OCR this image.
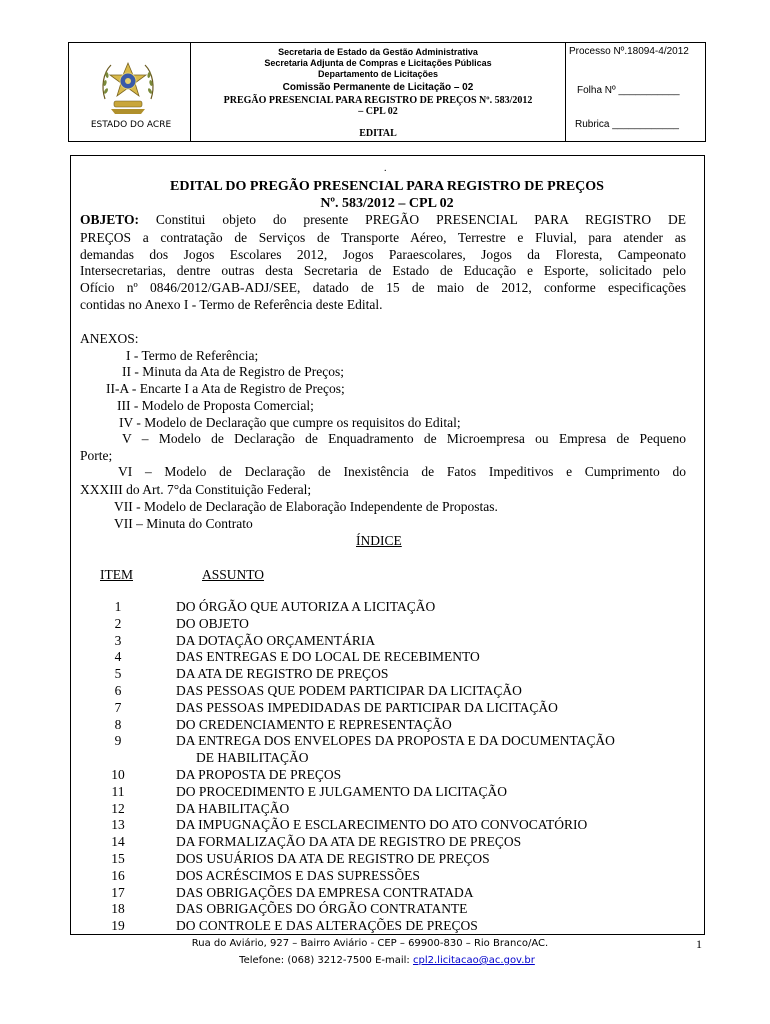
ESTADO DO ACRE
Secretaria de Estado da Gestão Administrativa
Secretaria Adjunta de Compras e Licitações Públicas
Departamento de Licitações
Comissão Permanente de Licitação – 02
PREGÃO PRESENCIAL PARA REGISTRO DE PREÇOS Nº. 583/2012
– CPL 02
EDITAL
Processo Nº.18094-4/2012
Folha Nº ___________
Rubrica ____________
.
EDITAL DO PREGÃO PRESENCIAL PARA REGISTRO DE PREÇOS
Nº. 583/2012 – CPL 02
OBJETO: Constitui objeto do presente PREGÃO PRESENCIAL PARA REGISTRO DE
PREÇOS a contratação de Serviços de Transporte Aéreo, Terrestre e Fluvial, para atender as
demandas dos Jogos Escolares 2012, Jogos Paraescolares, Jogos da Floresta, Campeonato
Intersecretarias, dentre outras desta Secretaria de Estado de Educação e Esporte, solicitado pelo
Ofício nº 0846/2012/GAB-ADJ/SEE, datado de 15 de maio de 2012, conforme especificações
contidas no Anexo I - Termo de Referência deste Edital.
ANEXOS:
I - Termo de Referência;
II - Minuta da Ata de Registro de Preços;
II-A - Encarte I a Ata de Registro de Preços;
III - Modelo de Proposta Comercial;
IV - Modelo de Declaração que cumpre os requisitos do Edital;
V – Modelo de Declaração de Enquadramento de Microempresa ou Empresa de Pequeno
Porte;
VI – Modelo de Declaração de Inexistência de Fatos Impeditivos e Cumprimento do
XXXIII do Art. 7°da Constituição Federal;
VII - Modelo de Declaração de Elaboração Independente de Propostas.
VII – Minuta do Contrato
ÍNDICE
ITEM	ASSUNTO
1	DO ÓRGÃO QUE AUTORIZA A LICITAÇÃO
2	DO OBJETO
3	DA DOTAÇÃO ORÇAMENTÁRIA
4	DAS ENTREGAS E DO LOCAL DE RECEBIMENTO
5	DA ATA DE REGISTRO DE PREÇOS
6	DAS PESSOAS QUE PODEM PARTICIPAR DA LICITAÇÃO
7	DAS PESSOAS IMPEDIDADAS DE PARTICIPAR DA LICITAÇÃO
8	DO CREDENCIAMENTO E REPRESENTAÇÃO
9	DA ENTREGA DOS ENVELOPES DA PROPOSTA E DA DOCUMENTAÇÃO
DE HABILITAÇÃO
10	DA PROPOSTA DE PREÇOS
11	DO PROCEDIMENTO E JULGAMENTO DA LICITAÇÃO
12	DA HABILITAÇÃO
13	DA IMPUGNAÇÃO E ESCLARECIMENTO DO ATO CONVOCATÓRIO
14	DA FORMALIZAÇÃO DA ATA DE REGISTRO DE PREÇOS
15	DOS USUÁRIOS DA ATA DE REGISTRO DE PREÇOS
16	DOS ACRÉSCIMOS E DAS SUPRESSÕES
17	DAS OBRIGAÇÕES DA EMPRESA CONTRATADA
18	DAS OBRIGAÇÕES DO ÓRGÃO CONTRATANTE
19	DO CONTROLE E DAS ALTERAÇÕES DE PREÇOS
Rua do Aviário, 927 – Bairro Aviário - CEP – 69900-830 – Rio Branco/AC.	1
Telefone: (068) 3212-7500 E-mail: cpl2.licitacao@ac.gov.br
